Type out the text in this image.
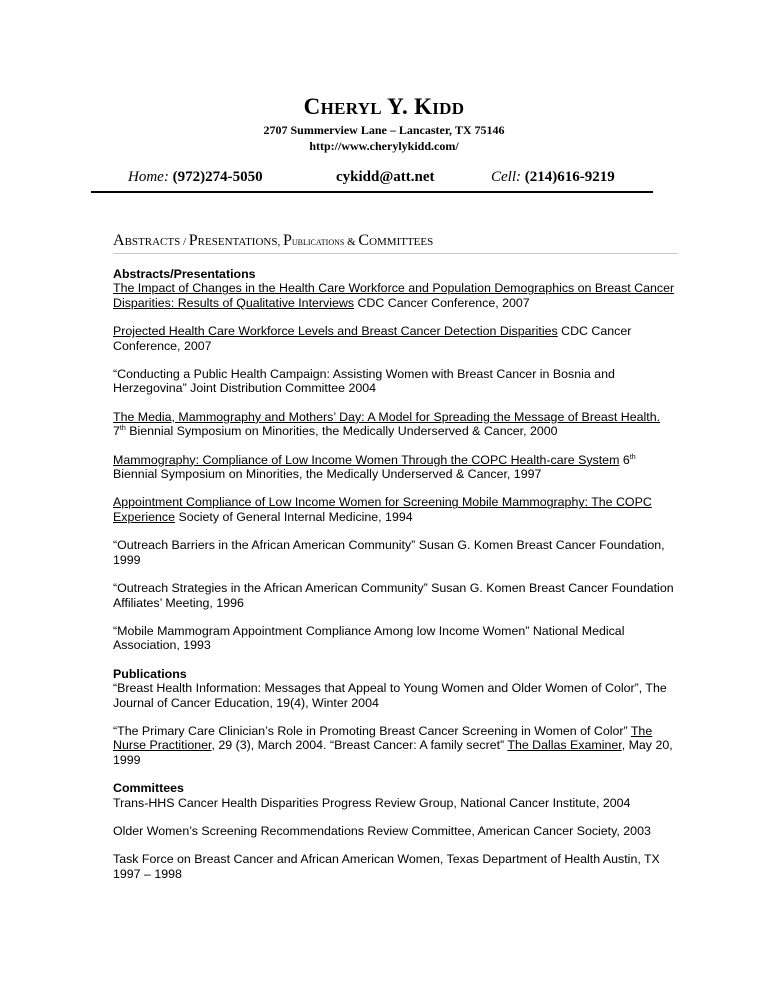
CHERYL Y. KIDD
2707 Summerview Lane – Lancaster, TX 75146
http://www.cherylykidd.com/
Home: (972)274-5050	cykidd@att.net	Cell: (214)616-9219
ABSTRACTS / PRESENTATIONS, PUBLICATIONS & COMMITTEES

Abstracts/Presentations

The Impact of Changes in the Health Care Workforce and Population Demographics on Breast Cancer Disparities: Results of Qualitative Interviews CDC Cancer Conference, 2007

Projected Health Care Workforce Levels and Breast Cancer Detection Disparities CDC Cancer Conference, 2007

“Conducting a Public Health Campaign: Assisting Women with Breast Cancer in Bosnia and Herzegovina” Joint Distribution Committee 2004

The Media, Mammography and Mothers’ Day: A Model for Spreading the Message of Breast Health.
7th Biennial Symposium on Minorities, the Medically Underserved & Cancer, 2000

Mammography: Compliance of Low Income Women Through the COPC Health-care System 6th Biennial Symposium on Minorities, the Medically Underserved & Cancer, 1997

Appointment Compliance of Low Income Women for Screening Mobile Mammography: The COPC Experience Society of General Internal Medicine, 1994

“Outreach Barriers in the African American Community” Susan G. Komen Breast Cancer Foundation, 1999

“Outreach Strategies in the African American Community” Susan G. Komen Breast Cancer Foundation Affiliates’ Meeting, 1996

“Mobile Mammogram Appointment Compliance Among low Income Women” National Medical Association, 1993

Publications

“Breast Health Information: Messages that Appeal to Young Women and Older Women of Color”, The Journal of Cancer Education, 19(4), Winter 2004

“The Primary Care Clinician’s Role in Promoting Breast Cancer Screening in Women of Color” The Nurse Practitioner, 29 (3), March 2004. “Breast Cancer: A family secret” The Dallas Examiner, May 20, 1999

Committees

Trans-HHS Cancer Health Disparities Progress Review Group, National Cancer Institute, 2004

Older Women’s Screening Recommendations Review Committee, American Cancer Society, 2003

Task Force on Breast Cancer and African American Women, Texas Department of Health Austin, TX 1997 – 1998
